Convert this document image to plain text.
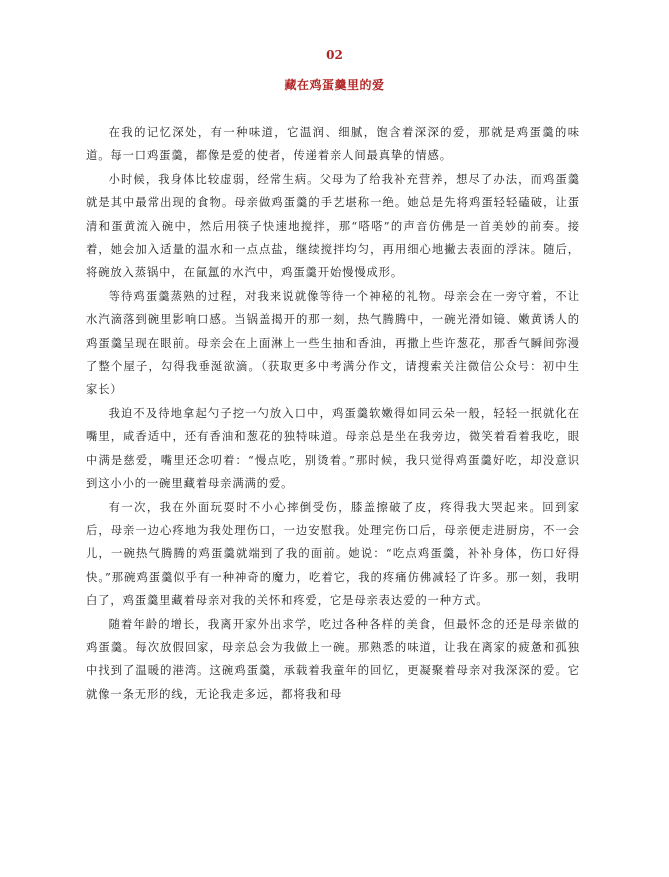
02
藏在鸡蛋羹里的爱

在我的记忆深处，有一种味道，它温润、细腻，饱含着深深的爱，那就是鸡蛋羹的味道。每一口鸡蛋羹，都像是爱的使者，传递着亲人间最真挚的情感。

小时候，我身体比较虚弱，经常生病。父母为了给我补充营养，想尽了办法，而鸡蛋羹就是其中最常出现的食物。母亲做鸡蛋羹的手艺堪称一绝。她总是先将鸡蛋轻轻磕破，让蛋清和蛋黄流入碗中，然后用筷子快速地搅拌，那“嗒嗒”的声音仿佛是一首美妙的前奏。接着，她会加入适量的温水和一点点盐，继续搅拌均匀，再用细心地撇去表面的浮沫。随后，将碗放入蒸锅中，在氤氲的水汽中，鸡蛋羹开始慢慢成形。

等待鸡蛋羹蒸熟的过程，对我来说就像等待一个神秘的礼物。母亲会在一旁守着，不让水汽滴落到碗里影响口感。当锅盖揭开的那一刻，热气腾腾中，一碗光滑如镜、嫩黄诱人的鸡蛋羹呈现在眼前。母亲会在上面淋上一些生抽和香油，再撒上些许葱花，那香气瞬间弥漫了整个屋子，勾得我垂涎欲滴。（获取更多中考满分作文，请搜索关注微信公众号：初中生家长）

我迫不及待地拿起勺子挖一勺放入口中，鸡蛋羹软嫩得如同云朵一般，轻轻一抿就化在嘴里，咸香适中，还有香油和葱花的独特味道。母亲总是坐在我旁边，微笑着看着我吃，眼中满是慈爱，嘴里还念叨着：“慢点吃，别烫着。”那时候，我只觉得鸡蛋羹好吃，却没意识到这小小的一碗里藏着母亲满满的爱。

有一次，我在外面玩耍时不小心摔倒受伤，膝盖擦破了皮，疼得我大哭起来。回到家后，母亲一边心疼地为我处理伤口，一边安慰我。处理完伤口后，母亲便走进厨房，不一会儿，一碗热气腾腾的鸡蛋羹就端到了我的面前。她说：“吃点鸡蛋羹，补补身体，伤口好得快。”那碗鸡蛋羹似乎有一种神奇的魔力，吃着它，我的疼痛仿佛减轻了许多。那一刻，我明白了，鸡蛋羹里藏着母亲对我的关怀和疼爱，它是母亲表达爱的一种方式。

随着年龄的增长，我离开家外出求学，吃过各种各样的美食，但最怀念的还是母亲做的鸡蛋羹。每次放假回家，母亲总会为我做上一碗。那熟悉的味道，让我在离家的疲惫和孤独中找到了温暖的港湾。这碗鸡蛋羹，承载着我童年的回忆，更凝聚着母亲对我深深的爱。它就像一条无形的线，无论我走多远，都将我和母
